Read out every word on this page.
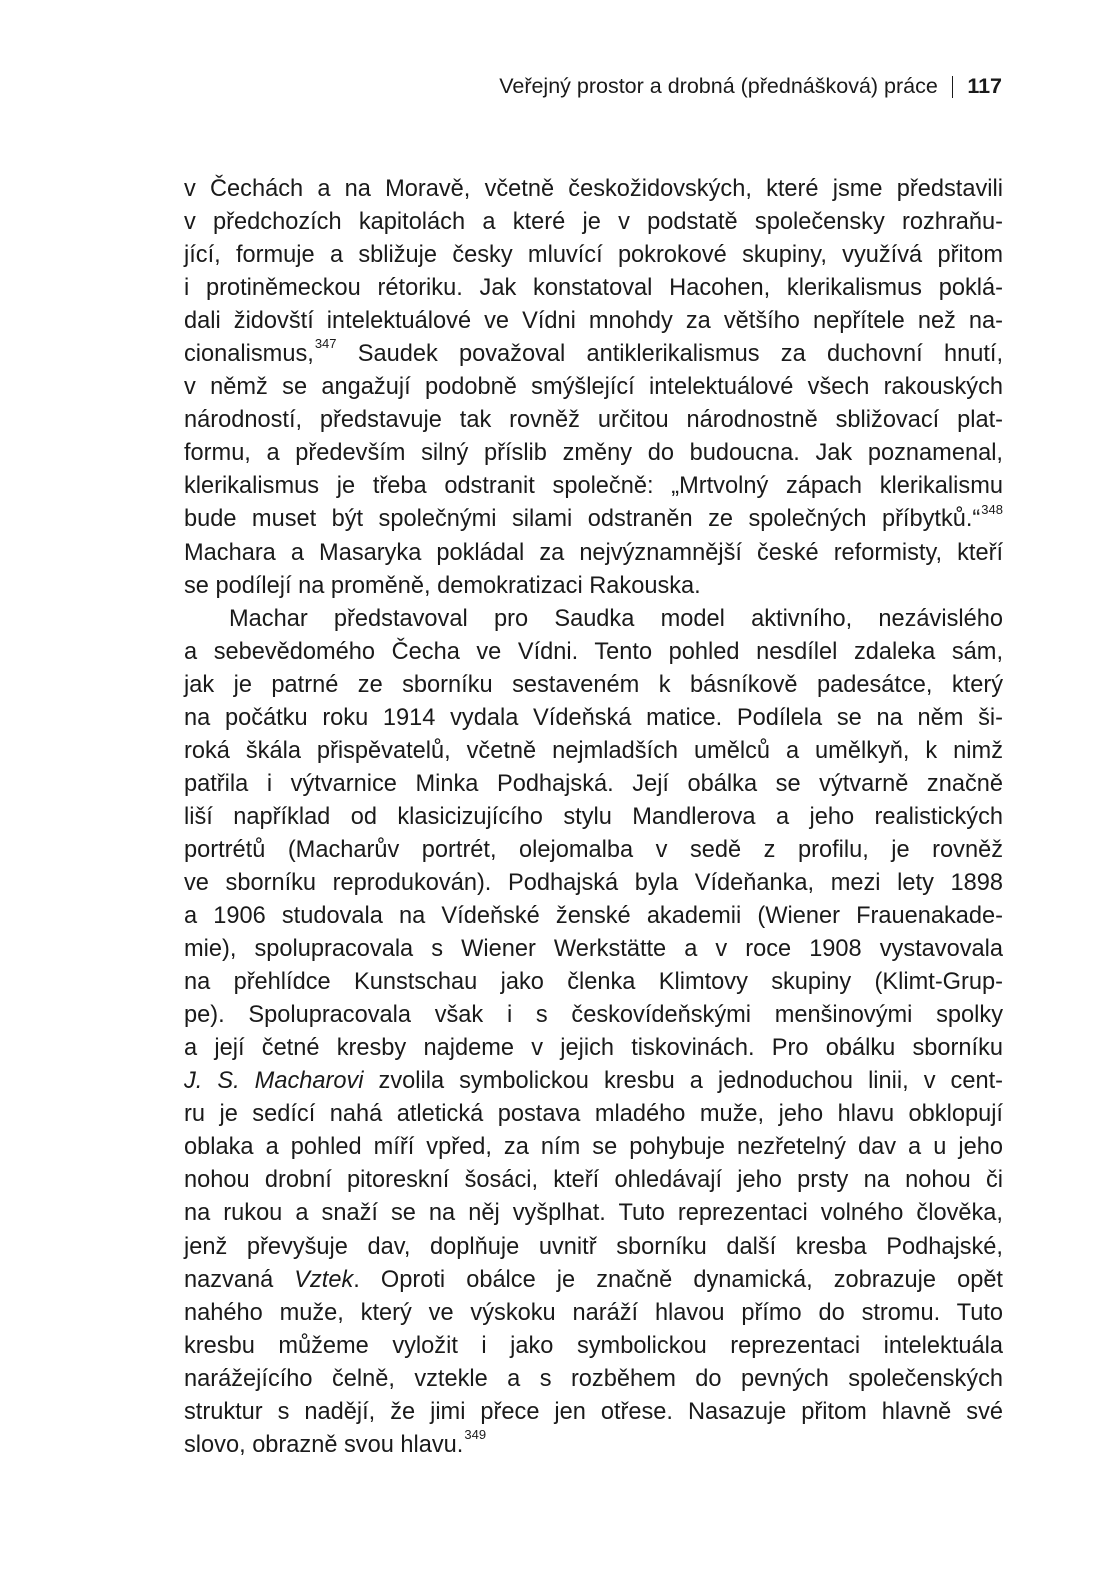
Veřejný prostor a drobná (přednášková) práce 117
v Čechách a na Moravě, včetně českožidovských, které jsme představili
v předchozích kapitolách a které je v podstatě společensky rozhraňu-
jící, formuje a sbližuje česky mluvící pokrokové skupiny, využívá přitom
i protiněmeckou rétoriku. Jak konstatoval Hacohen, klerikalismus poklá-
dali židovští intelektuálové ve Vídni mnohdy za většího nepřítele než na-
cionalismus,$^{347}$ Saudek považoval antiklerikalismus za duchovní hnutí,
v němž se angažují podobně smýšlející intelektuálové všech rakouských
národností, představuje tak rovněž určitou národnostně sbližovací plat-
formu, a především silný příslib změny do budoucna. Jak poznamenal,
klerikalismus je třeba odstranit společně: „Mrtvolný zápach klerikalismu
bude muset být společnými silami odstraněn ze společných příbytků.“$^{348}$
Machara a Masaryka pokládal za nejvýznamnější české reformisty, kteří
se podílejí na proměně, demokratizaci Rakouska.
Machar představoval pro Saudka model aktivního, nezávislého
a sebevědomého Čecha ve Vídni. Tento pohled nesdílel zdaleka sám,
jak je patrné ze sborníku sestaveném k básníkově padesátce, který
na počátku roku 1914 vydala Vídeňská matice. Podílela se na něm ši-
roká škála přispěvatelů, včetně nejmladších umělců a umělkyň, k nimž
patřila i výtvarnice Minka Podhajská. Její obálka se výtvarně značně
liší například od klasicizujícího stylu Mandlerova a jeho realistických
portrétů (Macharův portrét, olejomalba v sedě z profilu, je rovněž
ve sborníku reprodukován). Podhajská byla Vídeňanka, mezi lety 1898
a 1906 studovala na Vídeňské ženské akademii (Wiener Frauenakade-
mie), spolupracovala s Wiener Werkstätte a v roce 1908 vystavovala
na přehlídce Kunstschau jako členka Klimtovy skupiny (Klimt-Grup-
pe). Spolupracovala však i s českovídeňskými menšinovými spolky
a její četné kresby najdeme v jejich tiskovinách. Pro obálku sborníku
J. S. Macharovi zvolila symbolickou kresbu a jednoduchou linii, v cent-
ru je sedící nahá atletická postava mladého muže, jeho hlavu obklopují
oblaka a pohled míří vpřed, za ním se pohybuje nezřetelný dav a u jeho
nohou drobní pitoreskní šosáci, kteří ohledávají jeho prsty na nohou či
na rukou a snaží se na něj vyšplhat. Tuto reprezentaci volného člověka,
jenž převyšuje dav, doplňuje uvnitř sborníku další kresba Podhajské,
nazvaná Vztek. Oproti obálce je značně dynamická, zobrazuje opět
nahého muže, který ve výskoku naráží hlavou přímo do stromu. Tuto
kresbu můžeme vyložit i jako symbolickou reprezentaci intelektuála
narážejícího čelně, vztekle a s rozběhem do pevných společenských
struktur s nadějí, že jimi přece jen otřese. Nasazuje přitom hlavně své
slovo, obrazně svou hlavu.$^{349}$
